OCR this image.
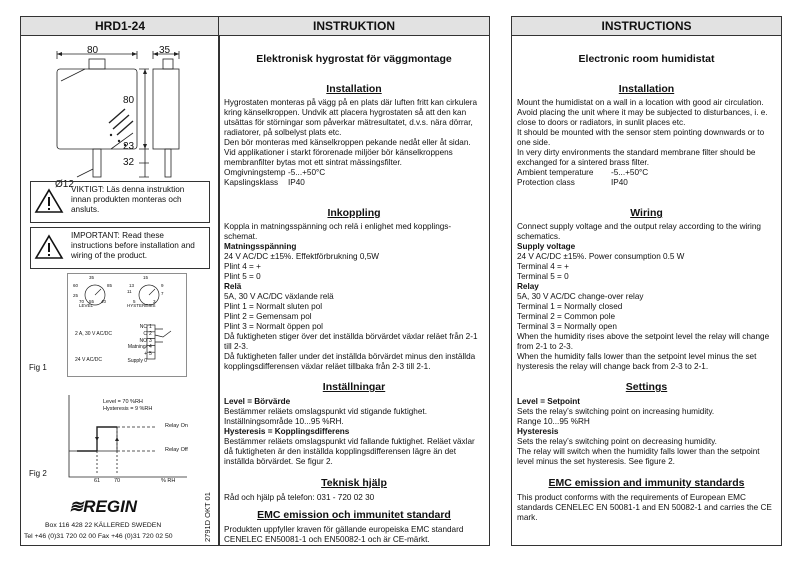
HRD1-24
80	35
80
23
32
Ø12
VIKTIGT: Läs denna instruktion innan produkten monteras och ansluts.
IMPORTANT: Read these instructions before installation and wiring of the product.
35
60	85
25
70 55 40
LEVEL
15
13
11
9
7
5	3
HYSTERESIS
2 A, 30 V AC/DC
24 V AC/DC
NC
C
NO
Matning/ +
Supply 0
1
2
3
4
5
Fig 1
Level = 70 %RH
Hysteresis = 9 %RH
Relay On
Relay Off
61	70	% RH
Fig 2
≋REGIN
Box 116 428 22 KÄLLERED SWEDEN
Tel +46 (0)31 720 02 00 Fax +46 (0)31 720 02 50	2791D OKT 01
INSTRUKTION
Elektronisk hygrostat för väggmontage
Installation

Hygrostaten monteras på vägg på en plats där luften fritt kan cirkulera kring känselkroppen. Undvik att placera hygrostaten så att den kan utsättas för störningar som påverkar mätresultatet, d.v.s. nära dörrar, radiatorer, på solbelyst plats etc.

Den bör monteras med känselkroppen pekande nedåt eller åt sidan.

Vid applikationer i starkt förorenade miljöer bör känselkroppens membranfilter bytas mot ett sintrat mässingsfilter.

Omgivningstemp -5...+50°C

Kapslingsklass IP40

Inkoppling

Koppla in matningsspänning och relä i enlighet med kopplings-schemat.

Matningsspänning

24 V AC/DC ±15%. Effektförbrukning 0,5W

Plint 4 = +

Plint 5 = 0

Relä

5A, 30 V AC/DC växlande relä

Plint 1 = Normalt sluten pol

Plint 2 = Gemensam pol

Plint 3 = Normalt öppen pol

Då fuktigheten stiger över det inställda börvärdet växlar reläet från 2-1 till 2-3.

Då fuktigheten faller under det inställda börvärdet minus den inställda kopplingsdifferensen växlar reläet tillbaka från 2-3 till 2-1.

Inställningar

Level = Börvärde

Bestämmer reläets omslagspunkt vid stigande fuktighet.

Inställningsområde 10...95 %RH.

Hysteresis = Kopplingsdifferens

Bestämmer reläets omslagspunkt vid fallande fuktighet. Reläet växlar då fuktigheten är den inställda kopplingsdifferensen lägre än det inställda börvärdet. Se figur 2.

Teknisk hjälp
Råd och hjälp på telefon: 031 - 720 02 30
EMC emission och immunitet standard
Produkten uppfyller kraven för gällande europeiska EMC standard CENELEC EN50081-1 och EN50082-1 och är CE-märkt.
INSTRUCTIONS
Electronic room humidistat
Installation

Mount the humidistat on a wall in a location with good air circulation. Avoid placing the unit where it may be subjected to disturbances, i. e. close to doors or radiators, in sunlit places etc.

It should be mounted with the sensor stem pointing downwards or to one side.

In very dirty environments the standard membrane filter should be exchanged for a sintered brass filter.

Ambient temperature -5...+50°C

Protection class	IP40

Wiring

Connect supply voltage and the output relay according to the wiring schematics.

Supply voltage

24 V AC/DC ±15%. Power consumption 0.5 W

Terminal 4 = +

Terminal 5 = 0

Relay

5A, 30 V AC/DC change-over relay

Terminal 1 = Normally closed

Terminal 2 = Common pole

Terminal 3 = Normally open

When the humidity rises above the setpoint level the relay will change from 2-1 to 2-3.

When the humidity falls lower than the setpoint level minus the set hysteresis the relay will change back from 2-3 to 2-1.

Settings

Level = Setpoint

Sets the relay’s switching point on increasing humidity.

Range 10...95 %RH

Hysteresis

Sets the relay’s switching point on decreasing humidity.

The relay will switch when the humidity falls lower than the setpoint level minus the set hysteresis. See figure 2.

EMC emission and immunity standards
This product conforms with the requirements of European EMC standards CENELEC EN 50081-1 and EN 50082-1 and carries the CE mark.
